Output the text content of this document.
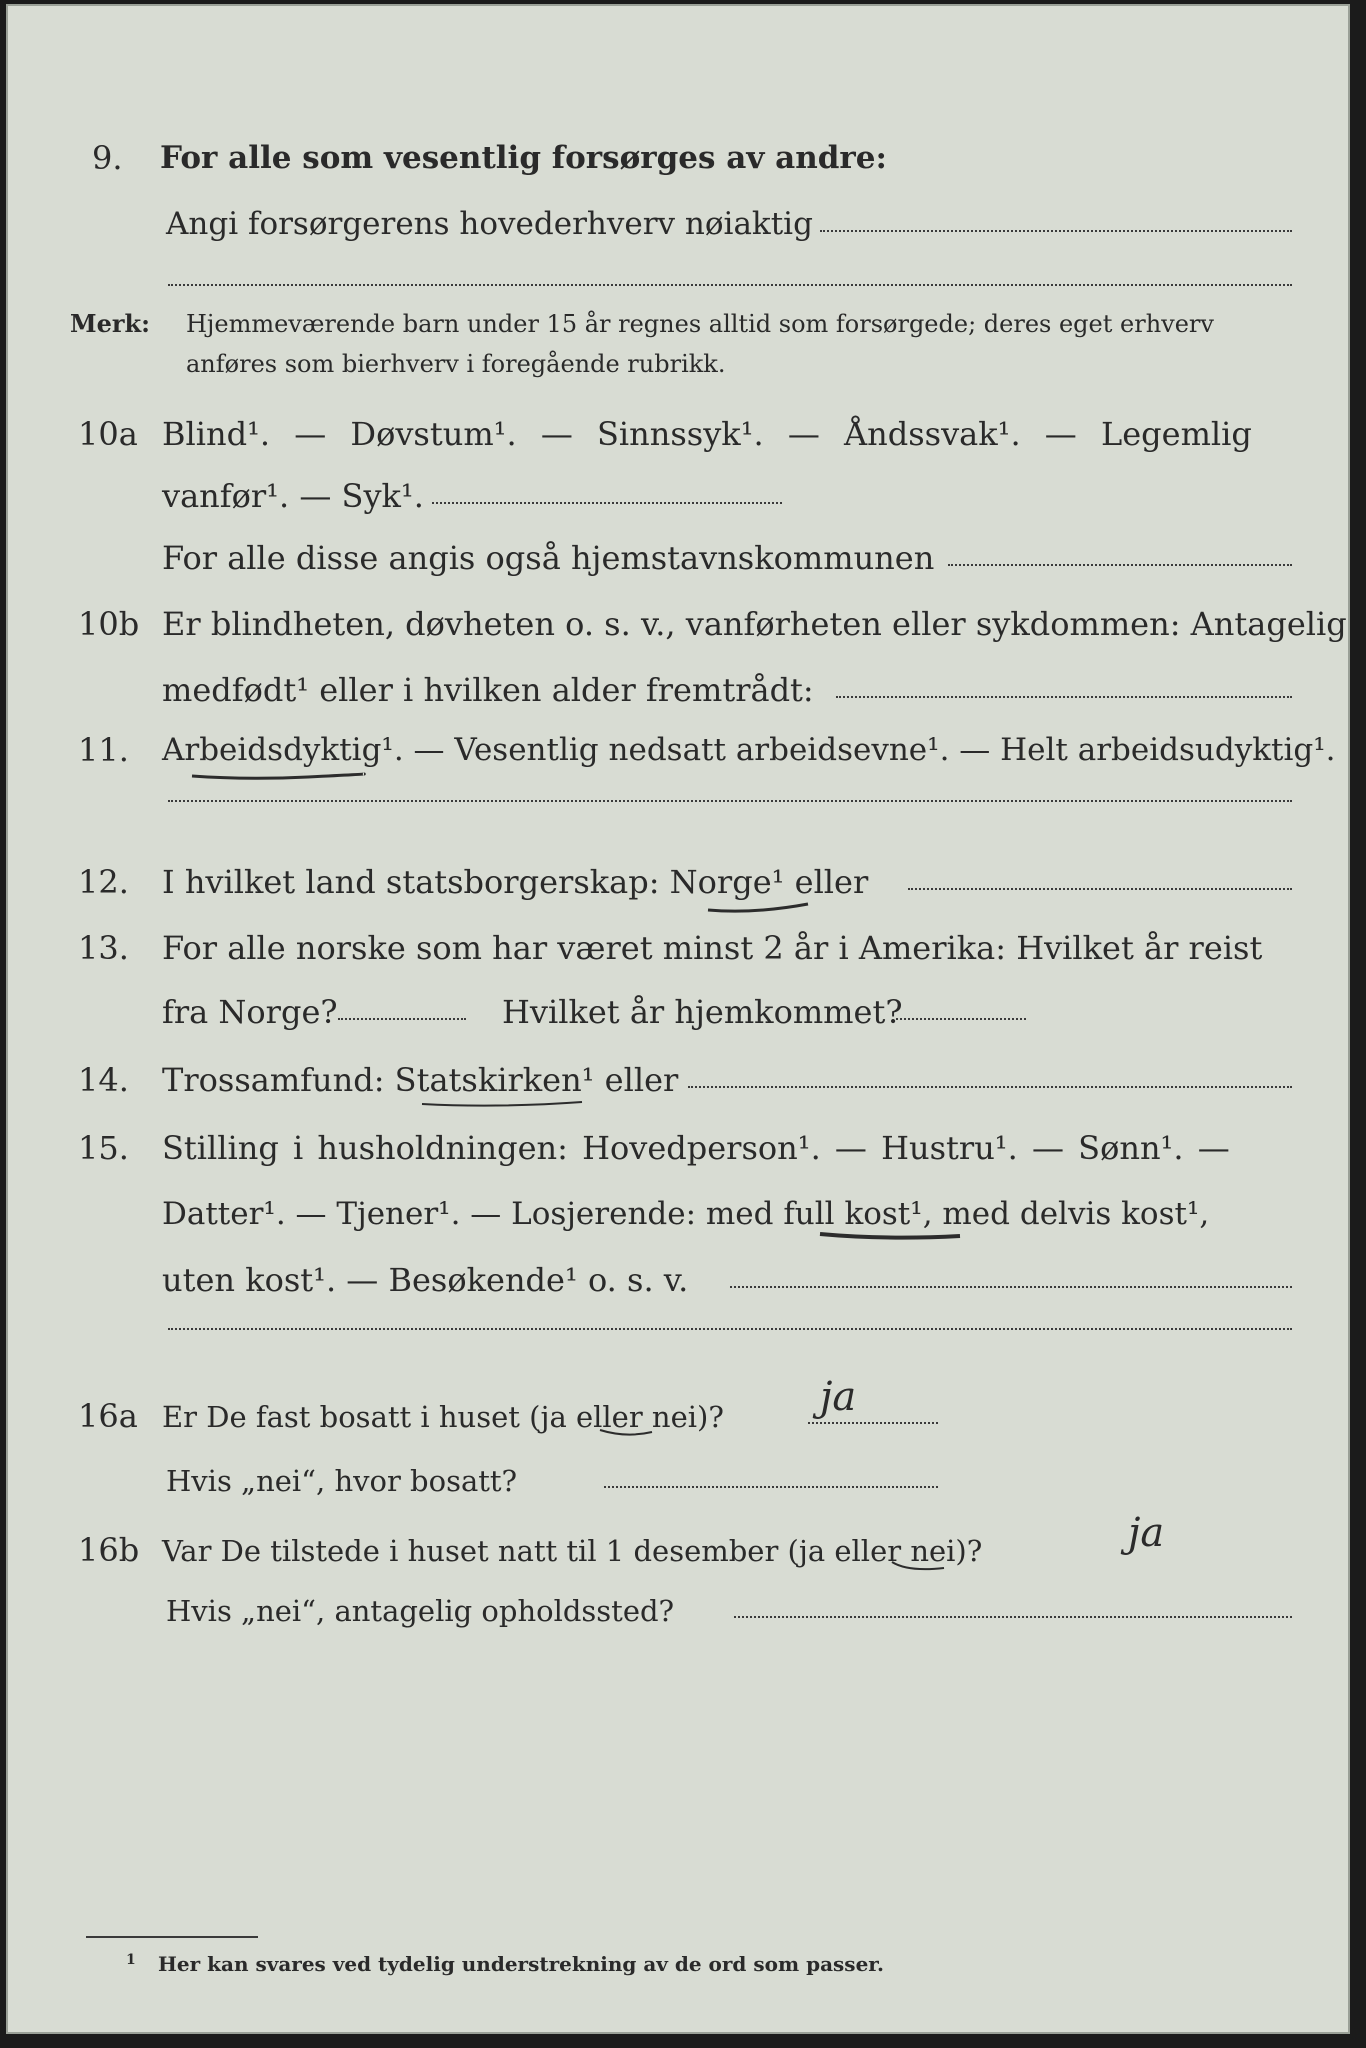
9. For alle som vesentlig forsørges av andre:
Angi forsørgerens hovederhverv nøiaktig
Merk: Hjemmeværende barn under 15 år regnes alltid som forsørgede; deres eget erhverv
anføres som bierhverv i foregående rubrikk.
10a Blind¹. — Døvstum¹. — Sinnssyk¹. — Åndssvak¹. — Legemlig
vanfør¹. — Syk¹.
For alle disse angis også hjemstavnskommunen
10b Er blindheten, døvheten o. s. v., vanførheten eller sykdommen: Antagelig
medfødt¹ eller i hvilken alder fremtrådt:
11. Arbeidsdyktig¹. — Vesentlig nedsatt arbeidsevne¹. — Helt arbeidsudyktig¹.
12. I hvilket land statsborgerskap: Norge¹ eller
13. For alle norske som har været minst 2 år i Amerika: Hvilket år reist
fra Norge?	Hvilket år hjemkommet?
14. Trossamfund: Statskirken¹ eller
15. Stilling i husholdningen: Hovedperson¹. — Hustru¹. — Sønn¹. —
Datter¹. — Tjener¹. — Losjerende: med full kost¹, med delvis kost¹,
uten kost¹. — Besøkende¹ o. s. v.
16a Er De fast bosatt i huset (ja eller nei)? ja
Hvis „nei“, hvor bosatt?
16b Var De tilstede i huset natt til 1 desember (ja eller nei)?	ja
Hvis „nei“, antagelig opholdssted?
1 Her kan svares ved tydelig understrekning av de ord som passer.
